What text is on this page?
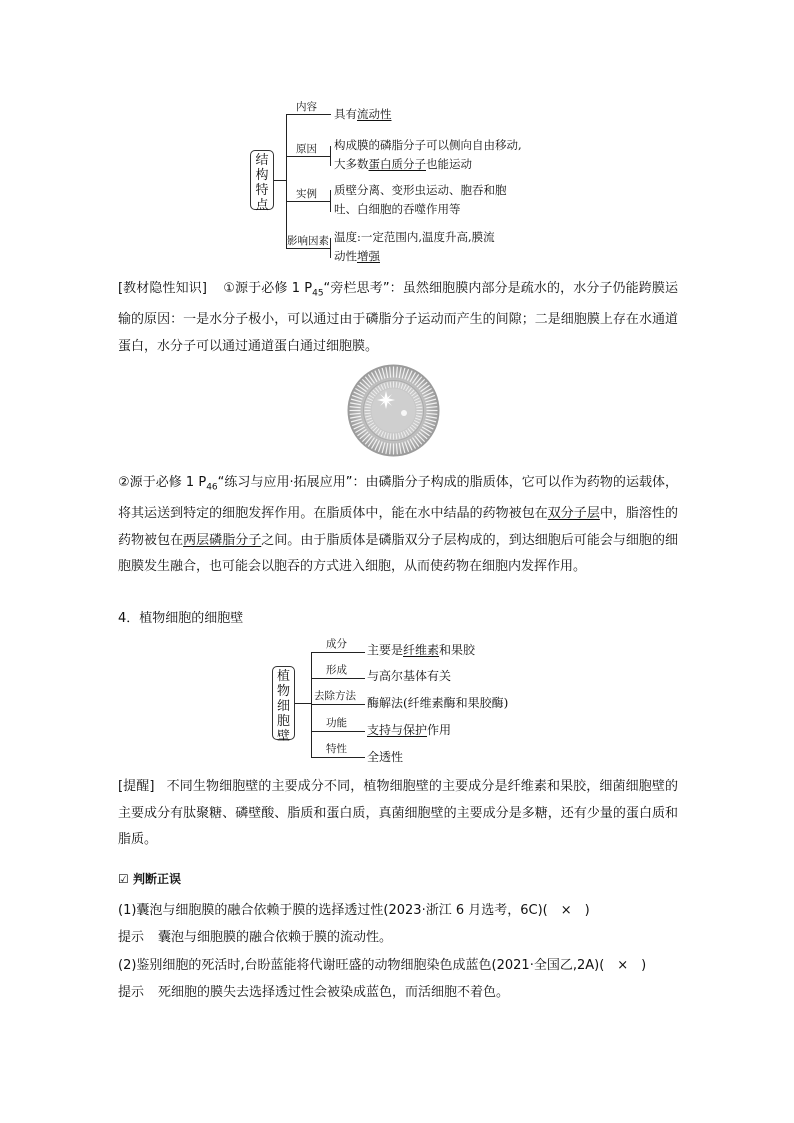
结
构
特
点
内容
原因
实例
影响因素
具有流动性
构成膜的磷脂分子可以侧向自由移动,
大多数蛋白质分子也能运动
质壁分离、变形虫运动、胞吞和胞
吐、白细胞的吞噬作用等
温度:一定范围内,温度升高,膜流
动性增强
[教材隐性知识] ①源于必修 1 $P_{45}“$旁栏思考”：虽然细胞膜内部分是疏水的，水分子仍能跨膜运输的原因：一是水分子极小，可以通过由于磷脂分子运动而产生的间隙；二是细胞膜上存在水通道蛋白，水分子可以通过通道蛋白通过细胞膜。
②源于必修 1 $P_{46}“$练习与应用·拓展应用”：由磷脂分子构成的脂质体，它可以作为药物的运载体，将其运送到特定的细胞发挥作用。在脂质体中，能在水中结晶的药物被包在双分子层中，脂溶性的药物被包在两层磷脂分子之间。由于脂质体是磷脂双分子层构成的，到达细胞后可能会与细胞的细胞膜发生融合，也可能会以胞吞的方式进入细胞，从而使药物在细胞内发挥作用。
4．植物细胞的细胞壁
植
物
细
胞
壁
成分
形成
去除方法
功能
特性
主要是纤维素和果胶
与高尔基体有关
酶解法(纤维素酶和果胶酶)
支持与保护作用
全透性
[提醒] 不同生物细胞壁的主要成分不同，植物细胞壁的主要成分是纤维素和果胶，细菌细胞壁的主要成分有肽聚糖、磷壁酸、脂质和蛋白质，真菌细胞壁的主要成分是多糖，还有少量的蛋白质和脂质。
☑ 判断正误
(1)囊泡与细胞膜的融合依赖于膜的选择透过性(2023·浙江 6 月选考，6C)(　×　)
提示 囊泡与细胞膜的融合依赖于膜的流动性。
(2)鉴别细胞的死活时,台盼蓝能将代谢旺盛的动物细胞染色成蓝色(2021·全国乙,2A)(　×　)
提示 死细胞的膜失去选择透过性会被染成蓝色，而活细胞不着色。
